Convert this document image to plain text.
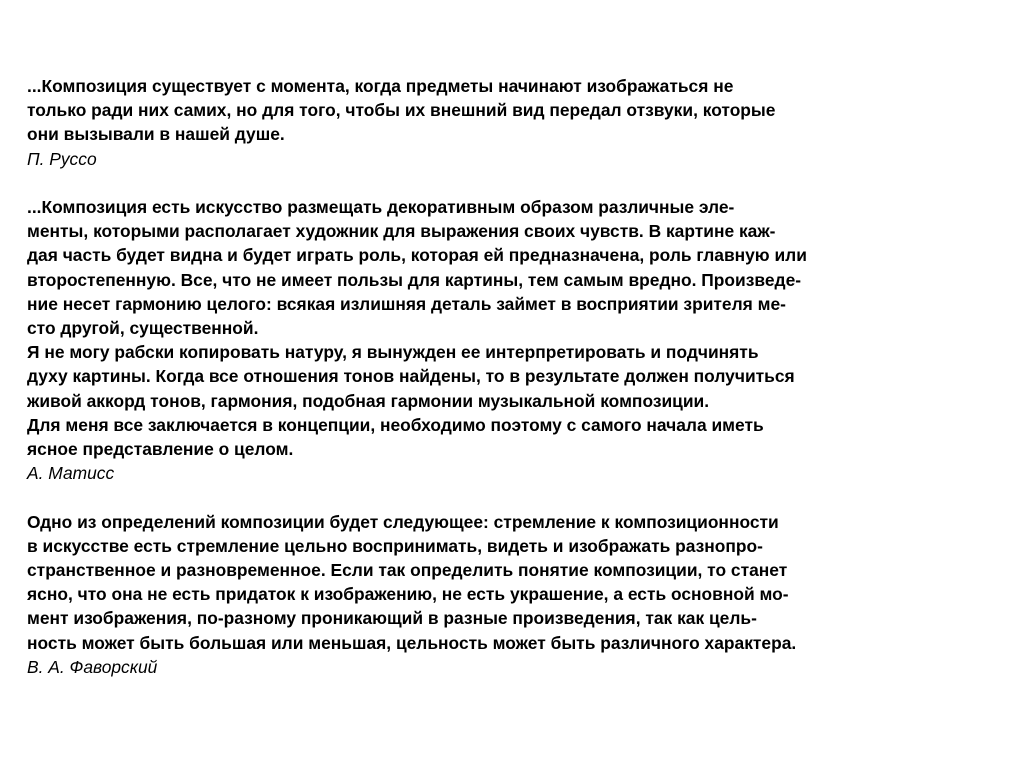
...Композиция существует с момента, когда предметы начинают изображаться не
только ради них самих, но для того, чтобы их внешний вид передал отзвуки, которые
они вызывали в нашей душе.
П. Руссо
...Композиция есть искусство размещать декоративным образом различные эле-
менты, которыми располагает художник для выражения своих чувств. В картине каж-
дая часть будет видна и будет играть роль, которая ей предназначена, роль главную или
второстепенную. Все, что не имеет пользы для картины, тем самым вредно. Произведе-
ние несет гармонию целого: всякая излишняя деталь займет в восприятии зрителя ме-
сто другой, существенной.
Я не могу рабски копировать натуру, я вынужден ее интерпретировать и подчинять
духу картины. Когда все отношения тонов найдены, то в результате должен получиться
живой аккорд тонов, гармония, подобная гармонии музыкальной композиции.
Для меня все заключается в концепции, необходимо поэтому с самого начала иметь
ясное представление о целом.
А. Матисс
Одно из определений композиции будет следующее: стремление к композиционности
в искусстве есть стремление цельно воспринимать, видеть и изображать разнопро-
странственное и разновременное. Если так определить понятие композиции, то станет
ясно, что она не есть придаток к изображению, не есть украшение, а есть основной мо-
мент изображения, по-разному проникающий в разные произведения, так как цель-
ность может быть большая или меньшая, цельность может быть различного характера.
В. А. Фаворский
